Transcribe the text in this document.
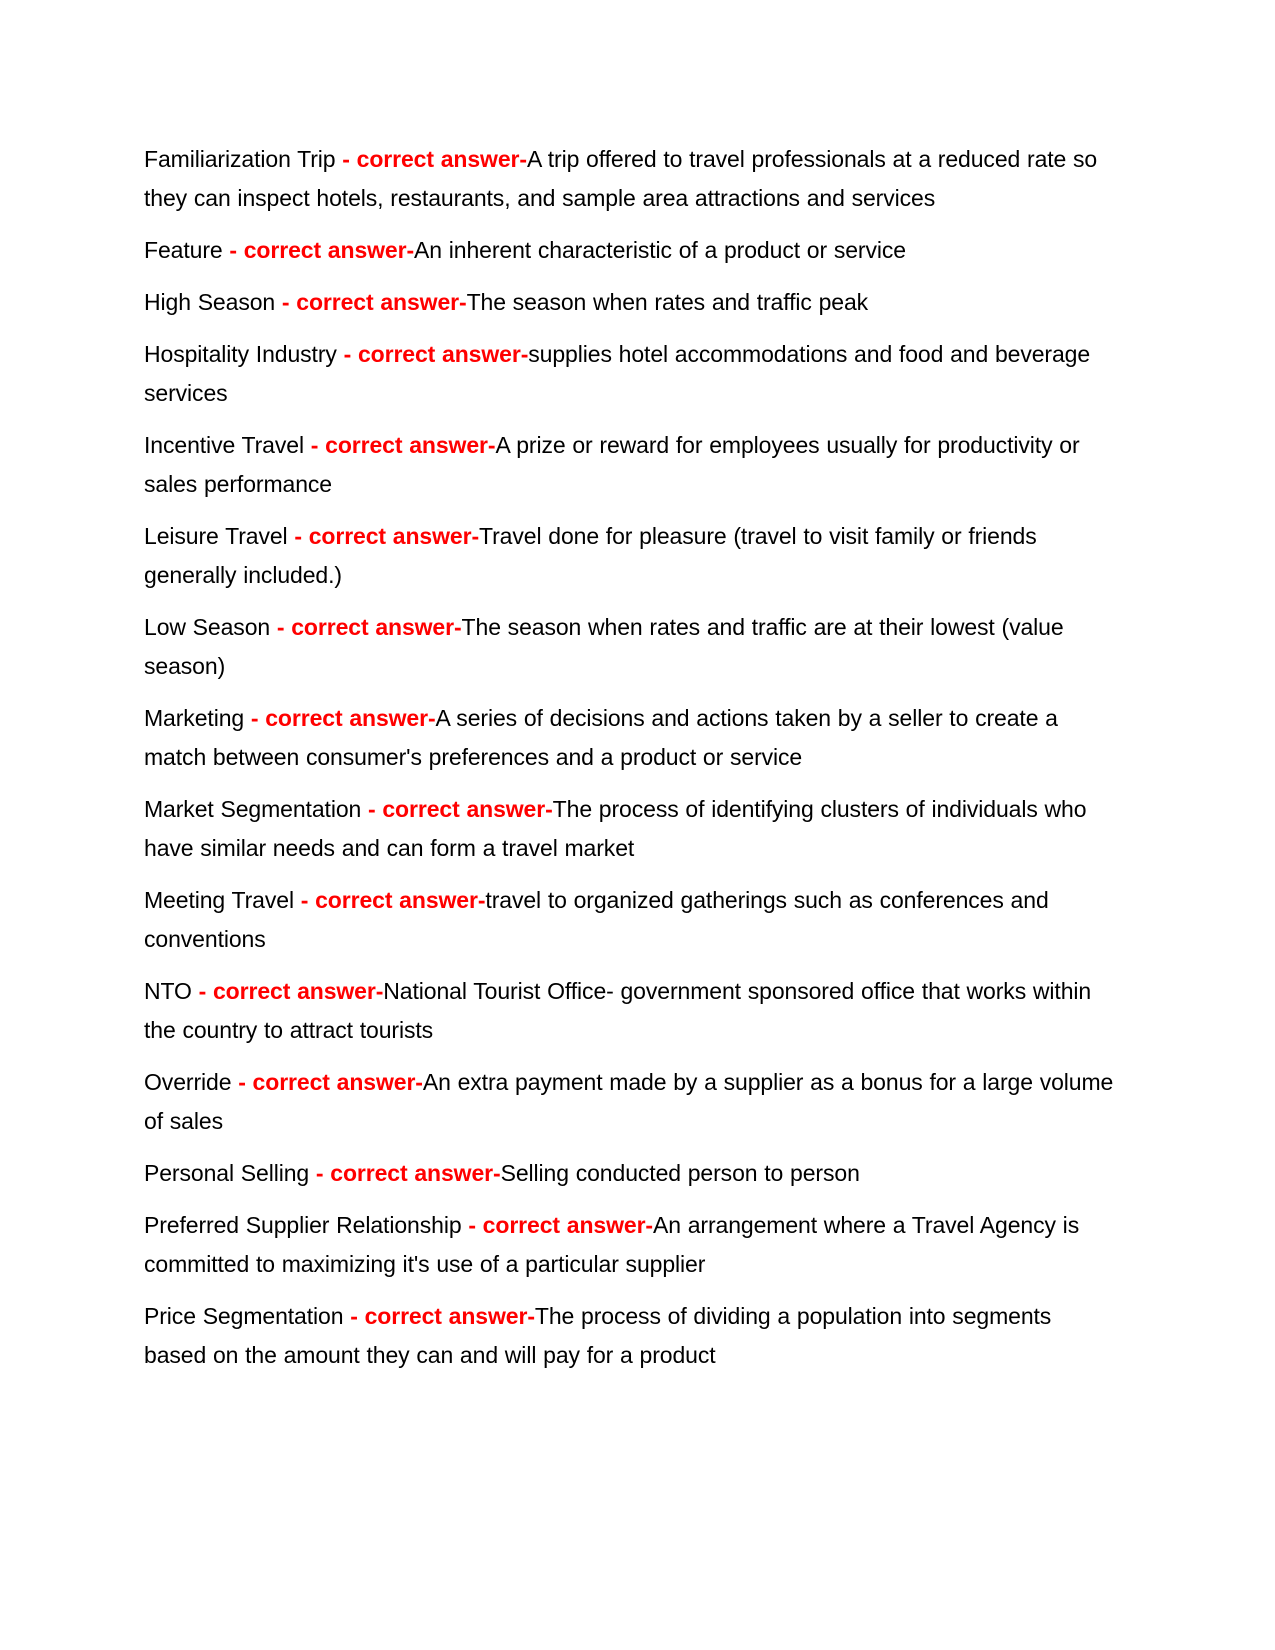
Familiarization Trip - correct answer-A trip offered to travel professionals at a reduced rate so they can inspect hotels, restaurants, and sample area attractions and services

Feature - correct answer-An inherent characteristic of a product or service

High Season - correct answer-The season when rates and traffic peak

Hospitality Industry - correct answer-supplies hotel accommodations and food and beverage services

Incentive Travel - correct answer-A prize or reward for employees usually for productivity or sales performance

Leisure Travel - correct answer-Travel done for pleasure (travel to visit family or friends generally included.)

Low Season - correct answer-The season when rates and traffic are at their lowest (value season)

Marketing - correct answer-A series of decisions and actions taken by a seller to create a match between consumer's preferences and a product or service

Market Segmentation - correct answer-The process of identifying clusters of individuals who have similar needs and can form a travel market

Meeting Travel - correct answer-travel to organized gatherings such as conferences and conventions

NTO - correct answer-National Tourist Office- government sponsored office that works within the country to attract tourists

Override - correct answer-An extra payment made by a supplier as a bonus for a large volume of sales

Personal Selling - correct answer-Selling conducted person to person

Preferred Supplier Relationship - correct answer-An arrangement where a Travel Agency is committed to maximizing it's use of a particular supplier

Price Segmentation - correct answer-The process of dividing a population into segments based on the amount they can and will pay for a product
